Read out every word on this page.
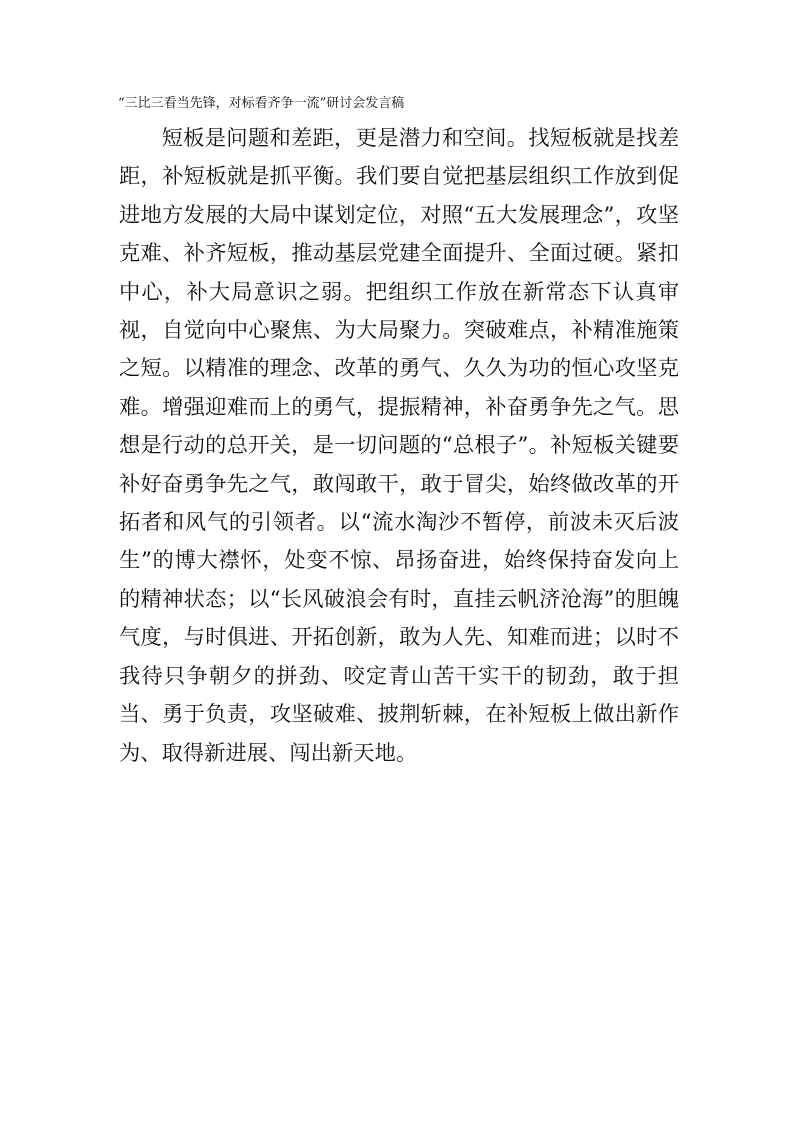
“三比三看当先锋，对标看齐争一流”研讨会发言稿

短板是问题和差距，更是潜力和空间。找短板就是找差距，补短板就是抓平衡。我们要自觉把基层组织工作放到促进地方发展的大局中谋划定位，对照“五大发展理念”，攻坚克难、补齐短板，推动基层党建全面提升、全面过硬。紧扣中心，补大局意识之弱。把组织工作放在新常态下认真审视，自觉向中心聚焦、为大局聚力。突破难点，补精准施策之短。以精准的理念、改革的勇气、久久为功的恒心攻坚克难。增强迎难而上的勇气，提振精神，补奋勇争先之气。思想是行动的总开关，是一切问题的“总根子”。补短板关键要补好奋勇争先之气，敢闯敢干，敢于冒尖，始终做改革的开拓者和风气的引领者。以“流水淘沙不暂停，前波未灭后波生”的博大襟怀，处变不惊、昂扬奋进，始终保持奋发向上的精神状态；以“长风破浪会有时，直挂云帆济沧海”的胆魄气度，与时俱进、开拓创新，敢为人先、知难而进；以时不我待只争朝夕的拼劲、咬定青山苦干实干的韧劲，敢于担当、勇于负责，攻坚破难、披荆斩棘，在补短板上做出新作为、取得新进展、闯出新天地。
